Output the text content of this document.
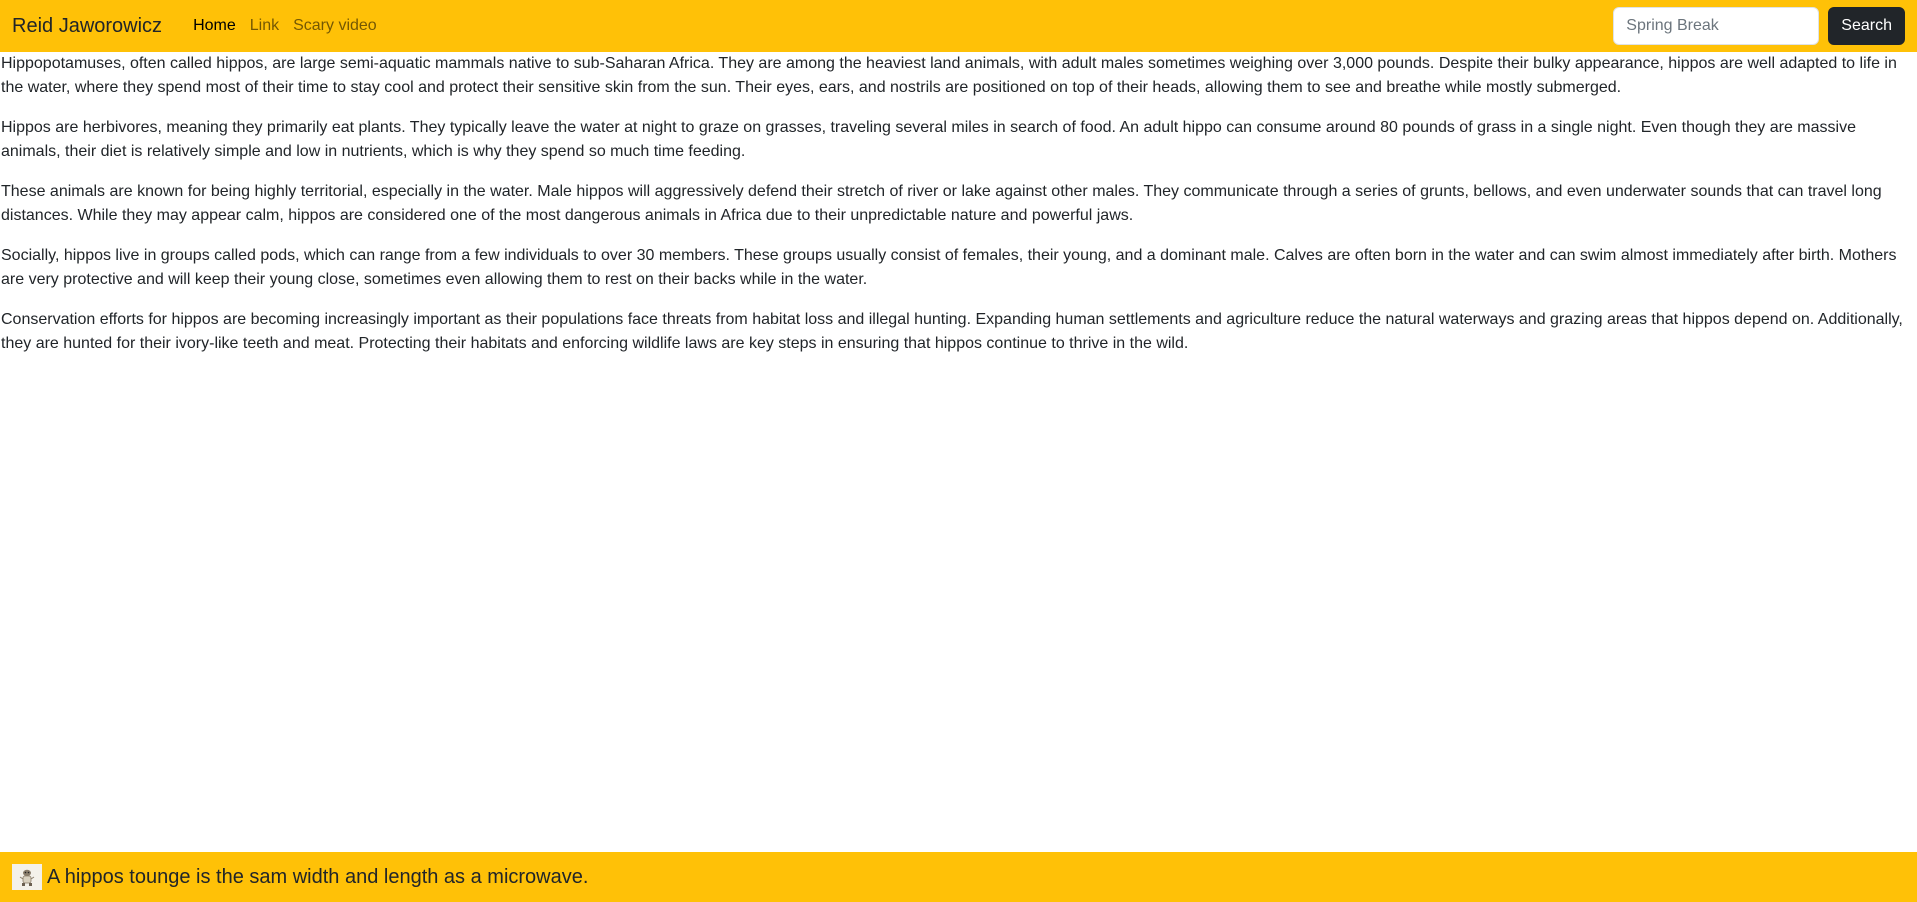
Reid Jaworowicz	Home Link Scary video
Spring Break	Search

Hippopotamuses, often called hippos, are large semi-aquatic mammals native to sub-Saharan Africa. They are among the heaviest land animals, with adult males sometimes weighing over 3,000 pounds. Despite their bulky appearance, hippos are well adapted to life in the water, where they spend most of their time to stay cool and protect their sensitive skin from the sun. Their eyes, ears, and nostrils are positioned on top of their heads, allowing them to see and breathe while mostly submerged.

Hippos are herbivores, meaning they primarily eat plants. They typically leave the water at night to graze on grasses, traveling several miles in search of food. An adult hippo can consume around 80 pounds of grass in a single night. Even though they are massive animals, their diet is relatively simple and low in nutrients, which is why they spend so much time feeding.

These animals are known for being highly territorial, especially in the water. Male hippos will aggressively defend their stretch of river or lake against other males. They communicate through a series of grunts, bellows, and even underwater sounds that can travel long distances. While they may appear calm, hippos are considered one of the most dangerous animals in Africa due to their unpredictable nature and powerful jaws.

Socially, hippos live in groups called pods, which can range from a few individuals to over 30 members. These groups usually consist of females, their young, and a dominant male. Calves are often born in the water and can swim almost immediately after birth. Mothers are very protective and will keep their young close, sometimes even allowing them to rest on their backs while in the water.

Conservation efforts for hippos are becoming increasingly important as their populations face threats from habitat loss and illegal hunting. Expanding human settlements and agriculture reduce the natural waterways and grazing areas that hippos depend on. Additionally, they are hunted for their ivory-like teeth and meat. Protecting their habitats and enforcing wildlife laws are key steps in ensuring that hippos continue to thrive in the wild.

A hippos tounge is the sam width and length as a microwave.
